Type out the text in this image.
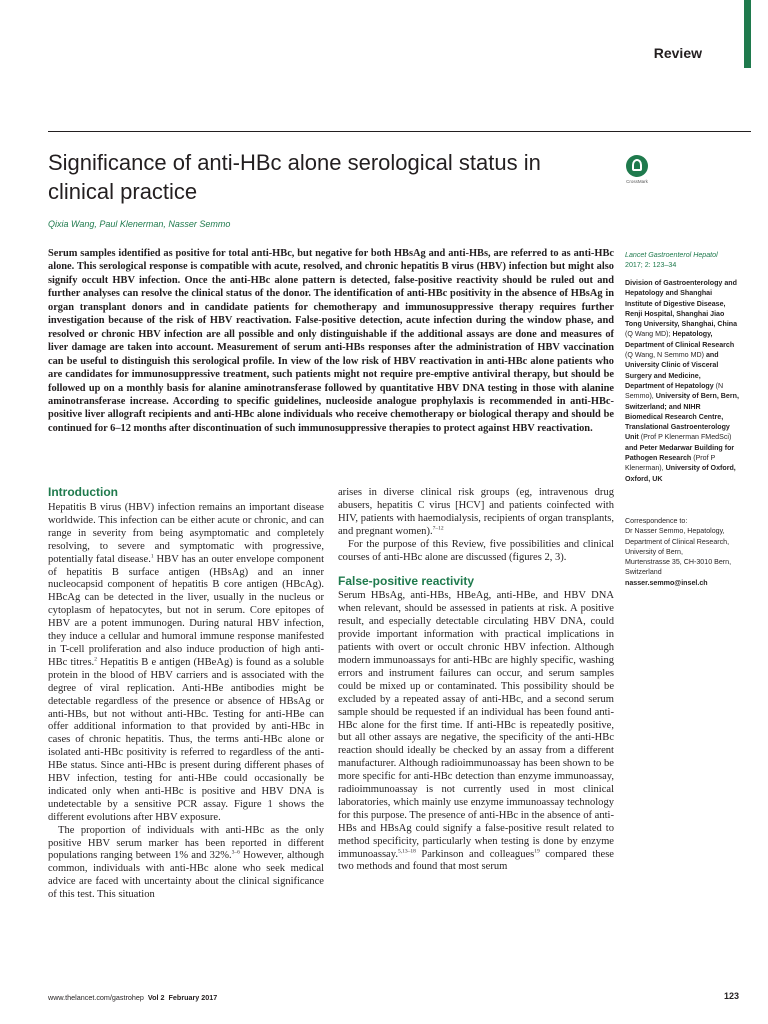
Review
Significance of anti-HBc alone serological status in clinical practice	CrossMark
Qixia Wang, Paul Klenerman, Nasser Semmo

Serum samples identified as positive for total anti-HBc, but negative for both HBsAg and anti-HBs, are referred to as anti-HBc alone. This serological response is compatible with acute, resolved, and chronic hepatitis B virus (HBV) infection but might also signify occult HBV infection. Once the anti-HBc alone pattern is detected, false-positive reactivity should be ruled out and further analyses can resolve the clinical status of the donor. The identification of anti-HBc positivity in the absence of HBsAg in organ transplant donors and in candidate patients for chemotherapy and immunosuppressive therapy requires further investigation because of the risk of HBV reactivation. False-positive detection, acute infection during the window phase, and resolved or chronic HBV infection are all possible and only distinguishable if the additional assays are done and measures of liver damage are taken into account. Measurement of serum anti-HBs responses after the administration of HBV vaccination can be useful to distinguish this serological profile. In view of the low risk of HBV reactivation in anti-HBc alone patients who are candidates for immunosuppressive treatment, such patients might not require pre-emptive antiviral therapy, but should be followed up on a monthly basis for alanine aminotransferase followed by quantitative HBV DNA testing in those with alanine aminotransferase increase. According to specific guidelines, nucleoside analogue prophylaxis is recommended in anti-HBc-positive liver allograft recipients and anti-HBc alone individuals who receive chemotherapy or biological therapy and should be continued for 6–12 months after discontinuation of such immunosuppressive therapies to protect against HBV reactivation.

Lancet Gastroenterol Hepatol
2017; 2: 123–34
Division of Gastroenterology and Hepatology and Shanghai Institute of Digestive Disease, Renji Hospital, Shanghai Jiao Tong University, Shanghai, China (Q Wang MD); Hepatology, Department of Clinical Research (Q Wang, N Semmo MD) and University Clinic of Visceral Surgery and Medicine, Department of Hepatology (N Semmo), University of Bern, Bern, Switzerland; and NIHR Biomedical Research Centre, Translational Gastroenterology Unit (Prof P Klenerman FMedSci) and Peter Medarwar Building for Pathogen Research (Prof P Klenerman), University of Oxford, Oxford, UK
Correspondence to:
Dr Nasser Semmo, Hepatology,
Department of Clinical Research,
University of Bern,
Murtenstrasse 35, CH-3010 Bern,
Switzerland
nasser.semmo@insel.ch
Introduction

Hepatitis B virus (HBV) infection remains an important disease worldwide. This infection can be either acute or chronic, and can range in severity from being asymptomatic and completely resolving, to severe and symptomatic with progressive, potentially fatal disease.$^1$ HBV has an outer envelope component of hepatitis B surface antigen (HBsAg) and an inner nucleocapsid component of hepatitis B core antigen (HBcAg). HBcAg can be detected in the liver, usually in the nucleus or cytoplasm of hepatocytes, but not in serum. Core epitopes of HBV are a potent immunogen. During natural HBV infection, they induce a cellular and humoral immune response manifested in T-cell proliferation and also induce production of high anti-HBc titres.$^2$ Hepatitis B e antigen (HBeAg) is found as a soluble protein in the blood of HBV carriers and is associated with the degree of viral replication. Anti-HBe antibodies might be detectable regardless of the presence or absence of HBsAg or anti-HBs, but not without anti-HBc. Testing for anti-HBe can offer additional information to that provided by anti-HBc in cases of chronic hepatitis. Thus, the terms anti-HBc alone or isolated anti-HBc positivity is referred to regardless of the anti-HBe status. Since anti-HBc is present during different phases of HBV infection, testing for anti-HBe could occasionally be indicated only when anti-HBc is positive and HBV DNA is undetectable by a sensitive PCR assay. Figure 1 shows the different evolutions after HBV exposure.

The proportion of individuals with anti-HBc as the only positive HBV serum marker has been reported in different populations ranging between 1% and 32%.$^{3-6}$ However, although common, individuals with anti-HBc alone who seek medical advice are faced with uncertainty about the clinical significance of this test. This situation

arises in diverse clinical risk groups (eg, intravenous drug abusers, hepatitis C virus [HCV] and patients coinfected with HIV, patients with haemodialysis, recipients of organ transplants, and pregnant women).$^{7-12}$

For the purpose of this Review, five possibilities and clinical courses of anti-HBc alone are discussed (figures 2, 3).

False-positive reactivity

Serum HBsAg, anti-HBs, HBeAg, anti-HBe, and HBV DNA when relevant, should be assessed in patients at risk. A positive result, and especially detectable circulating HBV DNA, could provide important information with practical implications in patients with overt or occult chronic HBV infection. Although modern immunoassays for anti-HBc are highly specific, washing errors and instrument failures can occur, and serum samples could be mixed up or contaminated. This possibility should be excluded by a repeated assay of anti-HBc, and a second serum sample should be requested if an individual has been found anti-HBc alone for the first time. If anti-HBc is repeatedly positive, but all other assays are negative, the specificity of the anti-HBc reaction should ideally be checked by an assay from a different manufacturer. Although radioimmunoassay has been shown to be more specific for anti-HBc detection than enzyme immunoassay, radioimmunoassay is not currently used in most clinical laboratories, which mainly use enzyme immunoassay technology for this purpose. The presence of anti-HBc in the absence of anti-HBs and HBsAg could signify a false-positive result related to method specificity, particularly when testing is done by enzyme immunoassay.$^{5,13-18}$ Parkinson and colleagues$^{19}$ compared these two methods and found that most serum

www.thelancet.com/gastrohep Vol 2 February 2017	123
